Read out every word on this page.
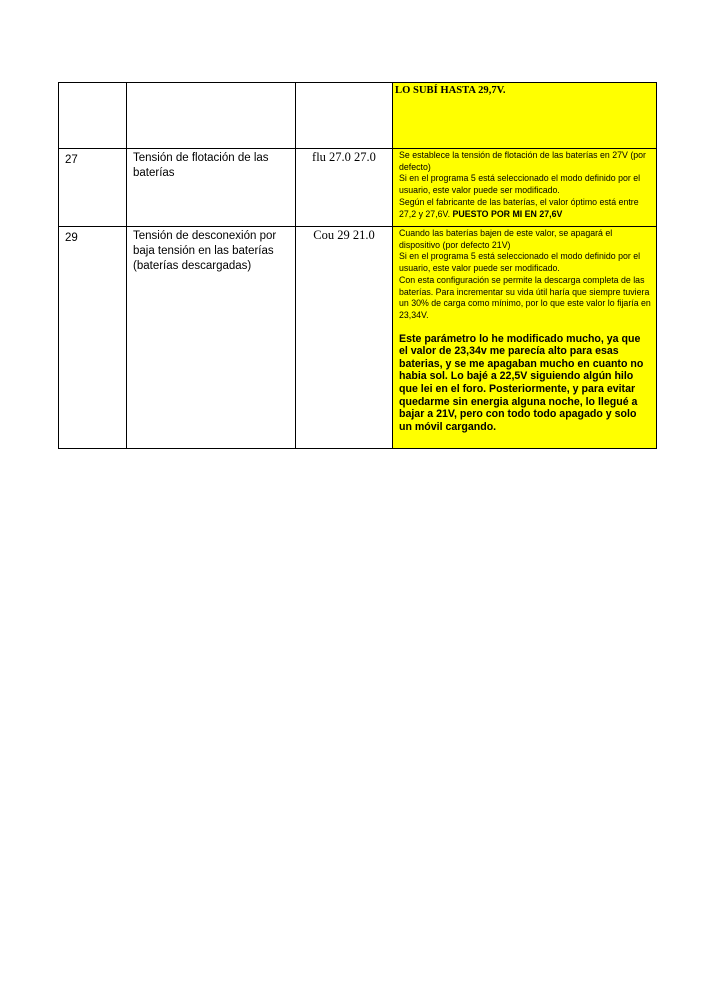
			LO SUBÍ HASTA 29,7V.
27	Tensión de flotación de las baterías	flu 27.0 27.0	Se establece la tensión de flotación de las baterías en 27V (por defecto)

Si en el programa 5 está seleccionado el modo definido por el usuario, este valor puede ser modificado.

Según el fabricante de las baterías, el valor óptimo está entre 27,2 y 27,6V. PUESTO POR MI EN 27,6V

29	Tensión de desconexión por baja tensión en las baterías (baterías descargadas)	Cou 29 21.0	Cuando las baterías bajen de este valor, se apagará el dispositivo (por defecto 21V)

Si en el programa 5 está seleccionado el modo definido por el usuario, este valor puede ser modificado.

Con esta configuración se permite la descarga completa de las baterías. Para incrementar su vida útil haría que siempre tuviera un 30% de carga como mínimo, por lo que este valor lo fijaría en 23,34V.

Este parámetro lo he modificado mucho, ya que el valor de 23,34v me parecía alto para esas baterias, y se me apagaban mucho en cuanto no habia sol. Lo bajé a 22,5V siguiendo algún hilo que lei en el foro. Posteriormente, y para evitar quedarme sin energia alguna noche, lo llegué a bajar a 21V, pero con todo todo apagado y solo un móvil cargando.
